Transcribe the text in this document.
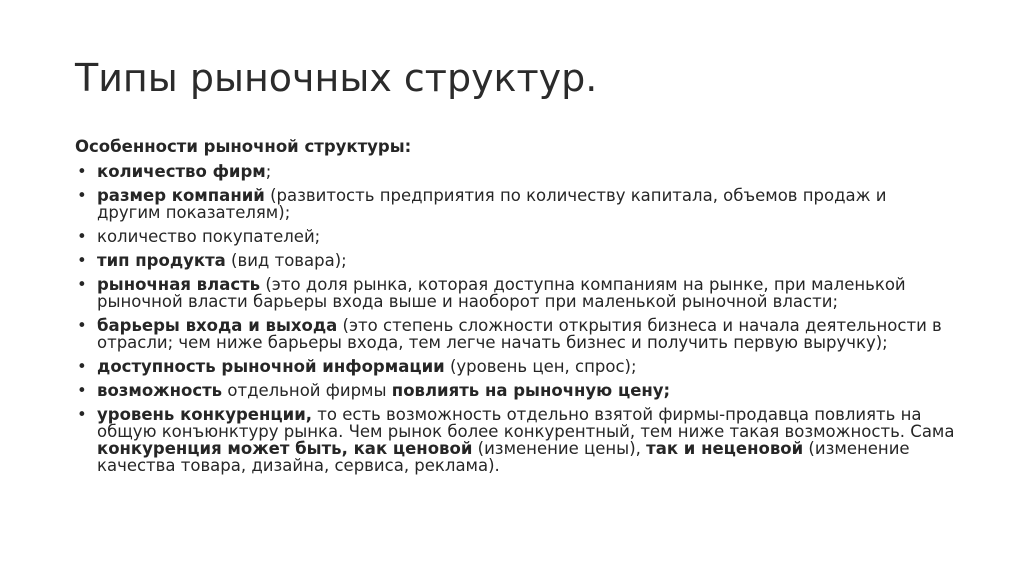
Типы рыночных структур.
Особенности рыночной структуры:
• количество фирм;
• размер компаний (развитость предприятия по количеству капитала, объемов продаж и другим показателям);
• количество покупателей;
• тип продукта (вид товара);
• рыночная власть (это доля рынка, которая доступна компаниям на рынке, при маленькой рыночной власти барьеры входа выше и наоборот при маленькой рыночной власти;
• барьеры входа и выхода (это степень сложности открытия бизнеса и начала деятельности в отрасли; чем ниже барьеры входа, тем легче начать бизнес и получить первую выручку);
• доступность рыночной информации (уровень цен, спрос);
• возможность отдельной фирмы повлиять на рыночную цену;
• уровень конкуренции, то есть возможность отдельно взятой фирмы-продавца повлиять на общую конъюнктуру рынка. Чем рынок более конкурентный, тем ниже такая возможность. Сама конкуренция может быть, как ценовой (изменение цены), так и неценовой (изменение качества товара, дизайна, сервиса, реклама).
